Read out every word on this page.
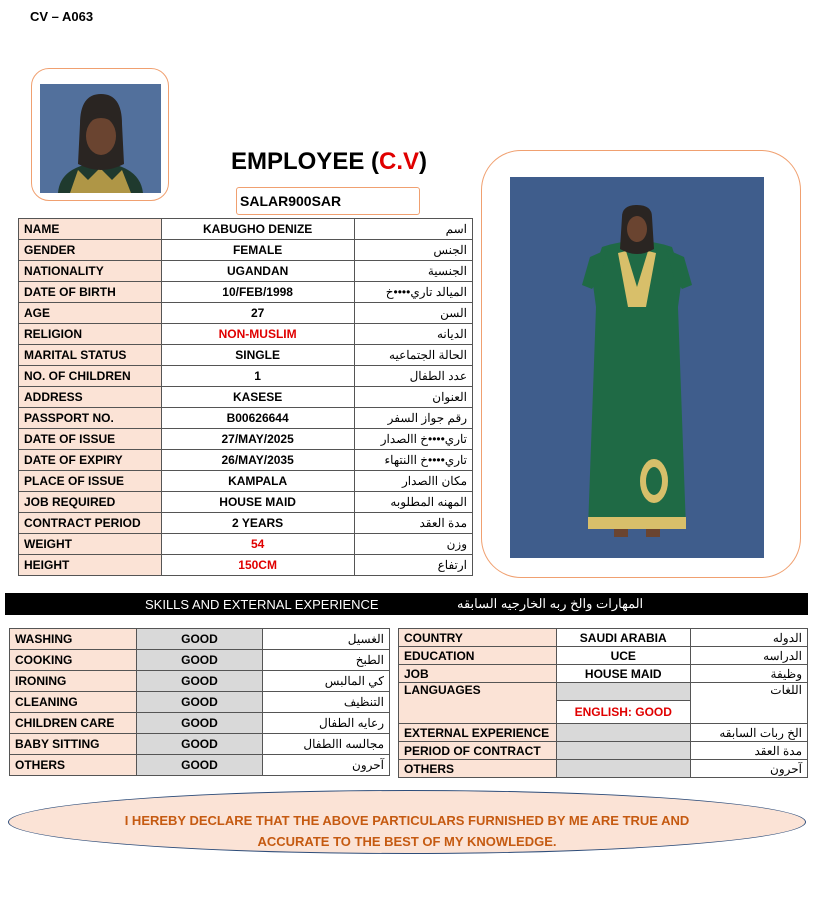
CV – A063
EMPLOYEE (C.V)
SALAR900SAR
NAME	KABUGHO DENIZE	اسم
GENDER	FEMALE	الجنس
NATIONALITY	UGANDAN	الجنسية
DATE OF BIRTH	10/FEB/1998	الميالد تاري••••خ
AGE	27	السن
RELIGION	NON-MUSLIM	الديانه
MARITAL STATUS	SINGLE	الحالة الجتماعيه
NO. OF CHILDREN	1	عدد الطفال
ADDRESS	KASESE	العنوان
PASSPORT NO.	B00626644	رقم جواز السفر
DATE OF ISSUE	27/MAY/2025	تاري••••خ االصدار
DATE OF EXPIRY	26/MAY/2035	تاري••••خ االنتهاء
PLACE OF ISSUE	KAMPALA	مكان االصدار
JOB REQUIRED	HOUSE MAID	المهنه المطلوبه
CONTRACT PERIOD	2 YEARS	مدة العقد
WEIGHT	54	وزن
HEIGHT	150CM	ارتفاع
SKILLS AND EXTERNAL EXPERIENCE	المهارات والخ ربه الخارجيه السابقه
WASHING	GOOD	الغسيل
COOKING	GOOD	الطبخ
IRONING	GOOD	كي المالبس
CLEANING	GOOD	التنظيف
CHILDREN CARE	GOOD	رعايه الطفال
BABY SITTING	GOOD	مجالسه االطفال
OTHERS	GOOD	آحرون
COUNTRY	SAUDI ARABIA	الدوله
EDUCATION	UCE	الدراسه
JOB	HOUSE MAID	وظيفة
LANGUAGES		اللغات
	ENGLISH: GOOD	
EXTERNAL EXPERIENCE		الخ ربات السابقه
PERIOD OF CONTRACT		مدة العقد
OTHERS		آحرون
I HEREBY DECLARE THAT THE ABOVE PARTICULARS FURNISHED BY ME ARE TRUE AND
ACCURATE TO THE BEST OF MY KNOWLEDGE.
